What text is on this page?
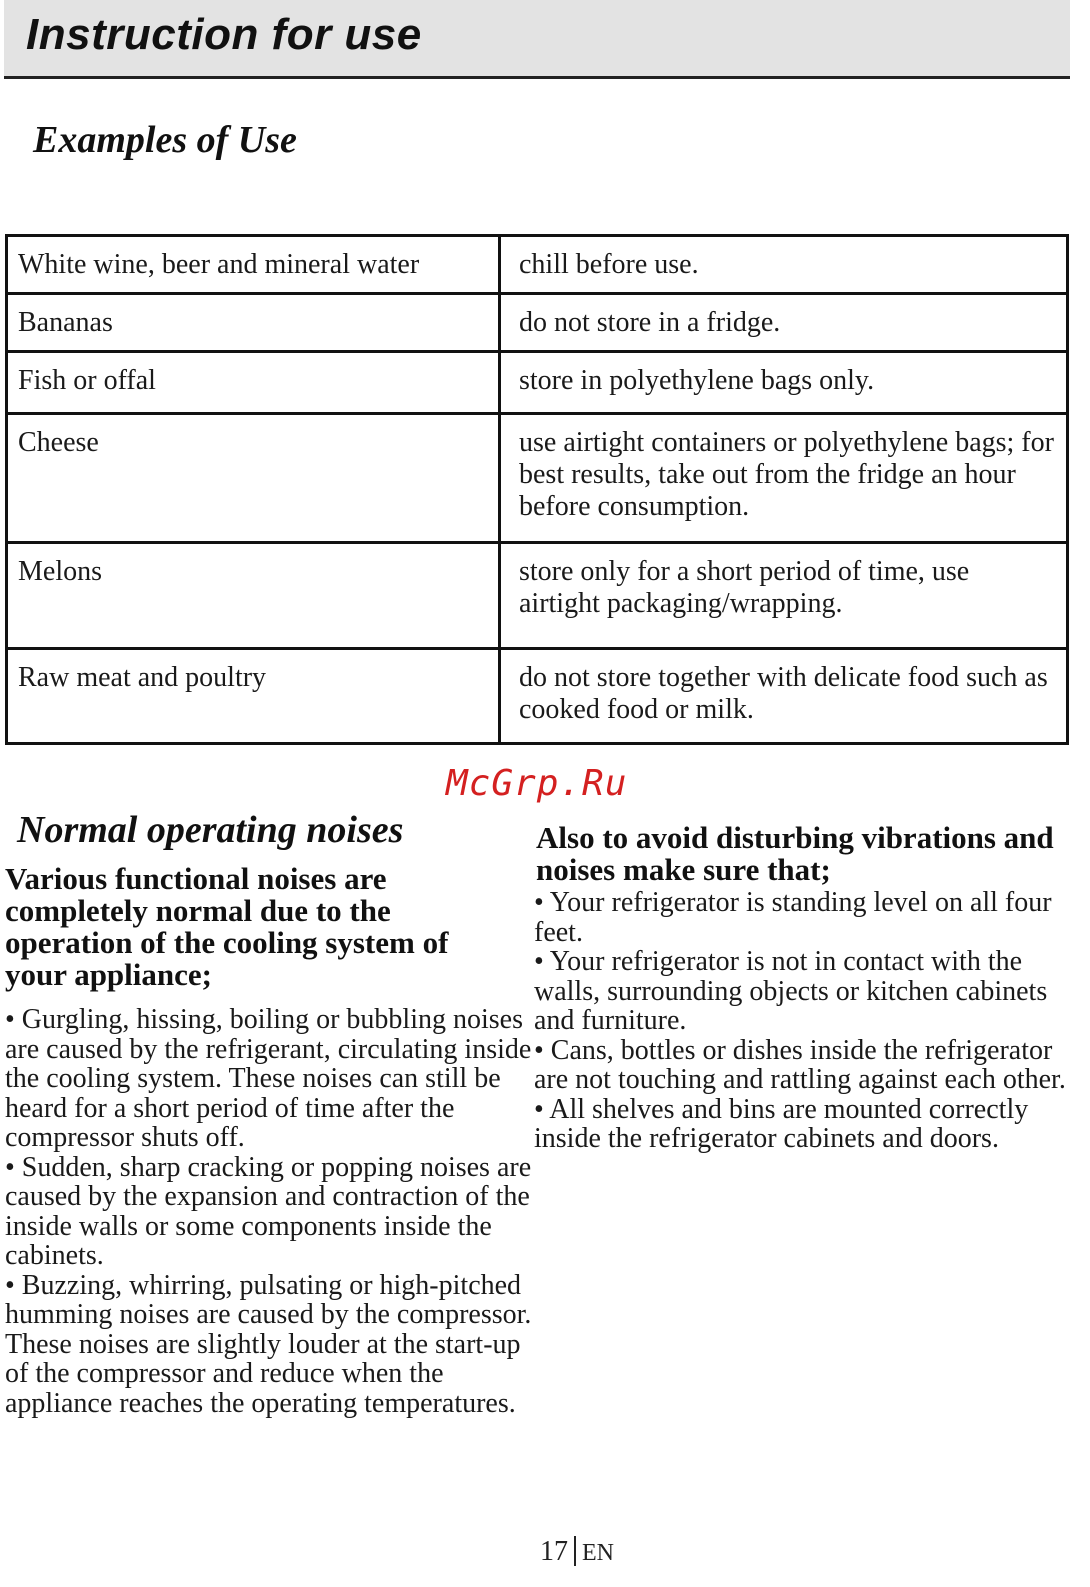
Instruction for use
Examples of Use
White wine, beer and mineral water	chill before use.
Bananas	do not store in a fridge.
Fish or offal	store in polyethylene bags only.
Cheese	use airtight containers or polyethylene bags; for best results, take out from the fridge an hour before consumption.
Melons	store only for a short period of time, use airtight packaging/wrapping.
Raw meat and poultry	do not store together with delicate food such as cooked food or milk.

McGrp.Ru

Normal operating noises

Various functional noises are completely normal due to the operation of the cooling system of your appliance;

• Gurgling, hissing, boiling or bubbling noises are caused by the refrigerant, circulating inside the cooling system. These noises can still be heard for a short period of time after the compressor shuts off.
• Sudden, sharp cracking or popping noises are caused by the expansion and contraction of the inside walls or some components inside the cabinets.
• Buzzing, whirring, pulsating or high-pitched humming noises are caused by the compressor. These noises are slightly louder at the start-up of the compressor and reduce when the appliance reaches the operating temperatures.

Also to avoid disturbing vibrations and noises make sure that;

• Your refrigerator is standing level on all four feet.
• Your refrigerator is not in contact with the walls, surrounding objects or kitchen cabinets and furniture.
• Cans, bottles or dishes inside the refrigerator are not touching and rattling against each other.
• All shelves and bins are mounted correctly inside the refrigerator cabinets and doors.
17 EN
